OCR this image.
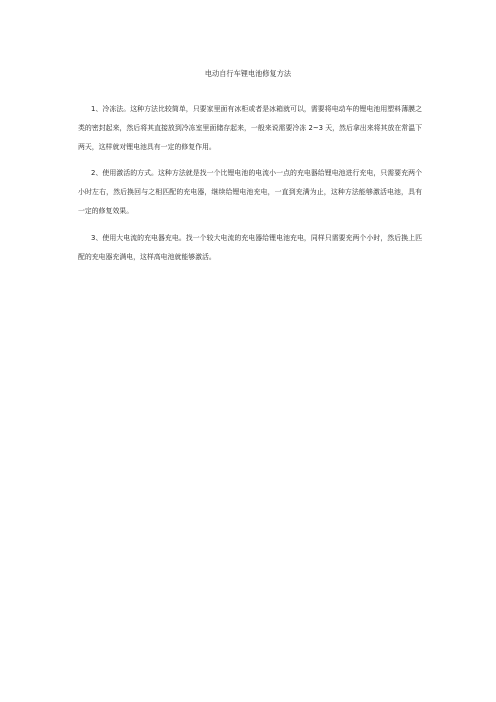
电动自行车锂电池修复方法

1、冷冻法。这种方法比较简单，只要家里面有冰柜或者是冰箱就可以，需要将电动车的锂电池用塑料薄膜之类的密封起来，然后将其直接放到冷冻室里面储存起来，一般来说需要冷冻 2~3 天，然后拿出来将其放在常温下两天，这样就对锂电池具有一定的修复作用。

2、使用激活的方式。这种方法就是找一个比锂电池的电流小一点的充电器给锂电池进行充电，只需要充两个小时左右，然后换回与之相匹配的充电器，继续给锂电池充电，一直到充满为止，这种方法能够激活电池，具有一定的修复效果。

3、使用大电流的充电器充电。找一个较大电流的充电器给锂电池充电，同样只需要充两个小时，然后换上匹配的充电器充满电，这样高电池就能够激活。
